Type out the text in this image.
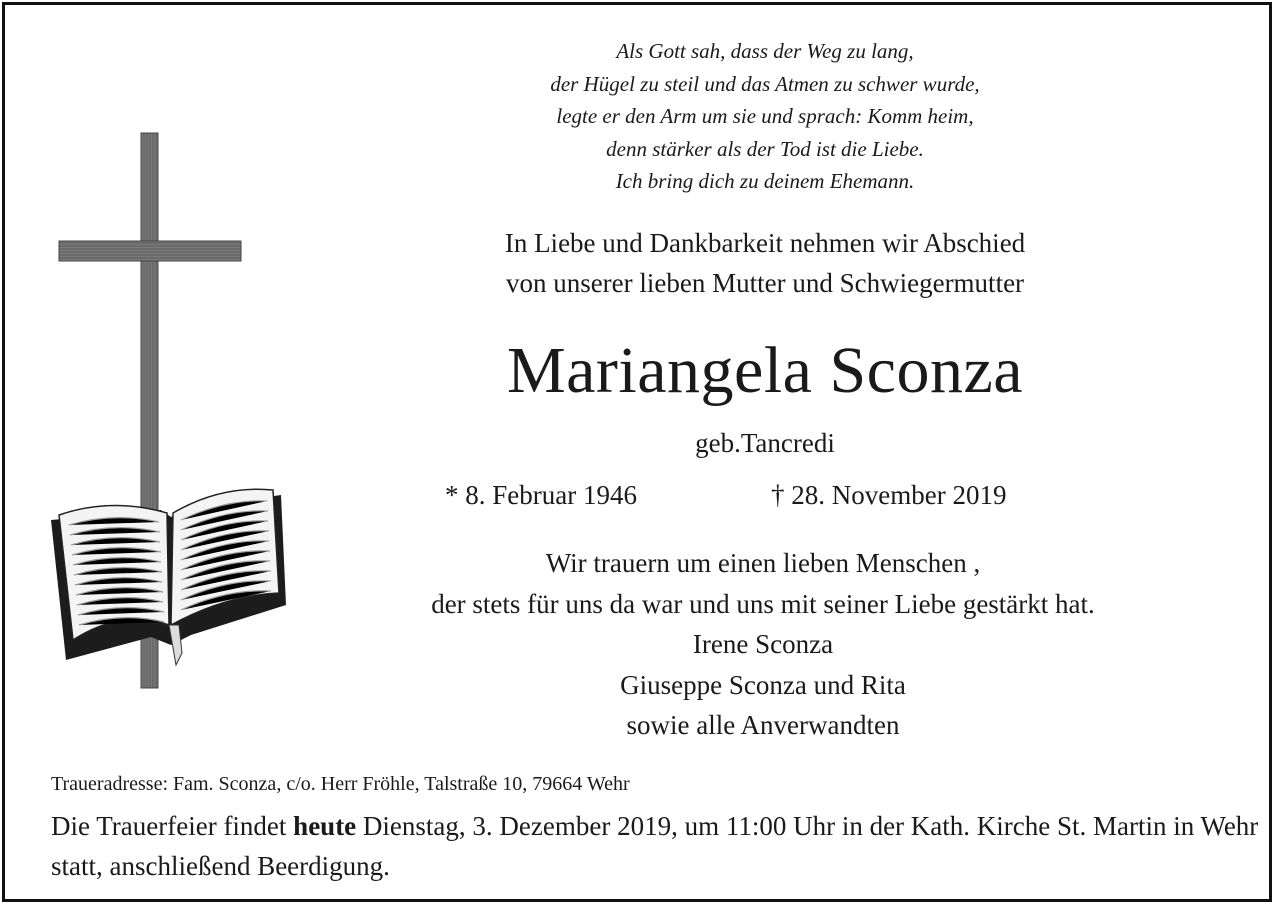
Als Gott sah, dass der Weg zu lang,
der Hügel zu steil und das Atmen zu schwer wurde,
legte er den Arm um sie und sprach: Komm heim,
denn stärker als der Tod ist die Liebe.
Ich bring dich zu deinem Ehemann.
In Liebe und Dankbarkeit nehmen wir Abschied
von unserer lieben Mutter und Schwiegermutter
Mariangela Sconza
geb.Tancredi
* 8. Februar 1946	† 28. November 2019
Wir trauern um einen lieben Menschen ,
der stets für uns da war und uns mit seiner Liebe gestärkt hat.
Irene Sconza
Giuseppe Sconza und Rita
sowie alle Anverwandten
Traueradresse: Fam. Sconza, c/o. Herr Fröhle, Talstraße 10, 79664 Wehr
Die Trauerfeier findet heute Dienstag, 3. Dezember 2019, um 11:00 Uhr in der Kath. Kirche St. Martin in Wehr statt, anschließend Beerdigung.
